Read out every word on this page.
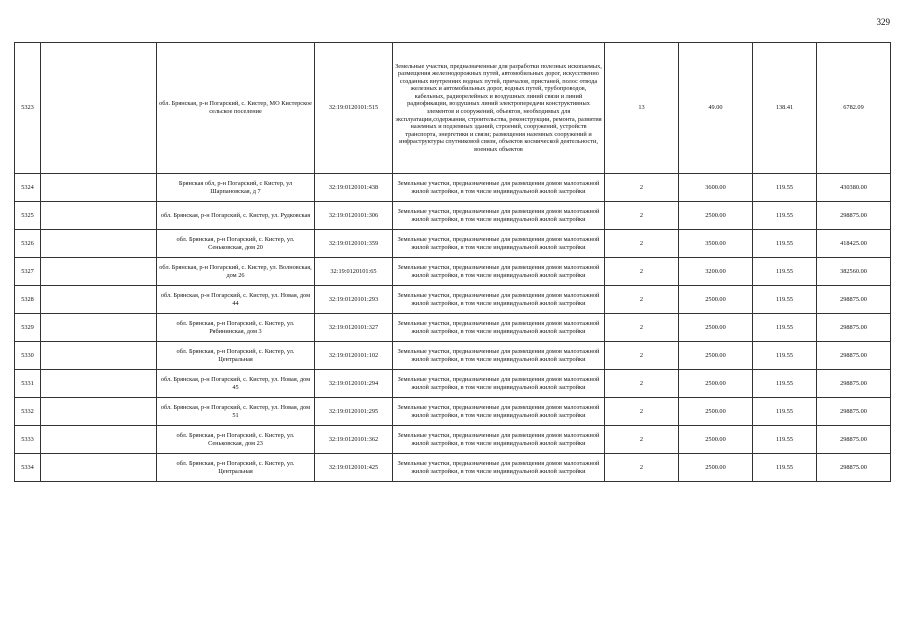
329
5323		обл. Брянская, р-н Погарский, с. Кистер, МО Кистерское сельское поселение	32:19:0120101:515	Земельные участки, предназначенные для разработки полезных ископаемых, размещения железнодорожных путей, автомобильных дорог, искусственно созданных внутренних водных путей, причалов, пристаней, полос отвода железных и автомобильных дорог, водных путей, трубопроводов, кабельных, радиорелейных и воздушных линий связи и линий радиофикации, воздушных линий электропередачи конструктивных элементов и сооружений, объектов, необходимых для эксплуатации,содержания, строительства, реконструкции, ремонта, развития наземных и подземных зданий, строений, сооружений, устройств транспорта, энергетики и связи; размещения наземных сооружений и инфраструктуры спутниковой связи, объектов космической деятельности, военных объектов	13	49.00	138.41	6782.09
5324		Брянская обл, р-н Погарский, с Кистер, ул Шарпановская, д 7	32:19:0120101:438	Земельные участки, предназначенные для размещения домов малоэтажной жилой застройки, в том числе индивидуальной жилой застройки	2	3600.00	119.55	430380.00
5325		обл. Брянская, р-н Погарский, с. Кистер, ул. Рудковская	32:19:0120101:306	Земельные участки, предназначенные для размещения домов малоэтажной жилой застройки, в том числе индивидуальной жилой застройки	2	2500.00	119.55	298875.00
5326		обл. Брянская, р-н Погарский, с. Кистер, ул. Сеньковская, дом 20	32:19:0120101:359	Земельные участки, предназначенные для размещения домов малоэтажной жилой застройки, в том числе индивидуальной жилой застройки	2	3500.00	119.55	418425.00
5327		обл. Брянская, р-н Погарский, с. Кистер, ул. Волновская, дом 26	32:19:0120101:65	Земельные участки, предназначенные для размещения домов малоэтажной жилой застройки, в том числе индивидуальной жилой застройки	2	3200.00	119.55	382560.00
5328		обл. Брянская, р-н Погарский, с. Кистер, ул. Новая, дом 44	32:19:0120101:293	Земельные участки, предназначенные для размещения домов малоэтажной жилой застройки, в том числе индивидуальной жилой застройки	2	2500.00	119.55	298875.00
5329		обл. Брянская, р-н Погарский, с. Кистер, ул. Рябининская, дом 3	32:19:0120101:327	Земельные участки, предназначенные для размещения домов малоэтажной жилой застройки, в том числе индивидуальной жилой застройки	2	2500.00	119.55	298875.00
5330		обл. Брянская, р-н Погарский, с. Кистер, ул. Центральная	32:19:0120101:102	Земельные участки, предназначенные для размещения домов малоэтажной жилой застройки, в том числе индивидуальной жилой застройки	2	2500.00	119.55	298875.00
5331		обл. Брянская, р-н Погарский, с. Кистер, ул. Новая, дом 45	32:19:0120101:294	Земельные участки, предназначенные для размещения домов малоэтажной жилой застройки, в том числе индивидуальной жилой застройки	2	2500.00	119.55	298875.00
5332		обл. Брянская, р-н Погарский, с. Кистер, ул. Новая, дом 51	32:19:0120101:295	Земельные участки, предназначенные для размещения домов малоэтажной жилой застройки, в том числе индивидуальной жилой застройки	2	2500.00	119.55	298875.00
5333		обл. Брянская, р-н Погарский, с. Кистер, ул. Сеньковская, дом 23	32:19:0120101:362	Земельные участки, предназначенные для размещения домов малоэтажной жилой застройки, в том числе индивидуальной жилой застройки	2	2500.00	119.55	298875.00
5334		обл. Брянская, р-н Погарский, с. Кистер, ул. Центральная	32:19:0120101:425	Земельные участки, предназначенные для размещения домов малоэтажной жилой застройки, в том числе индивидуальной жилой застройки	2	2500.00	119.55	298875.00
